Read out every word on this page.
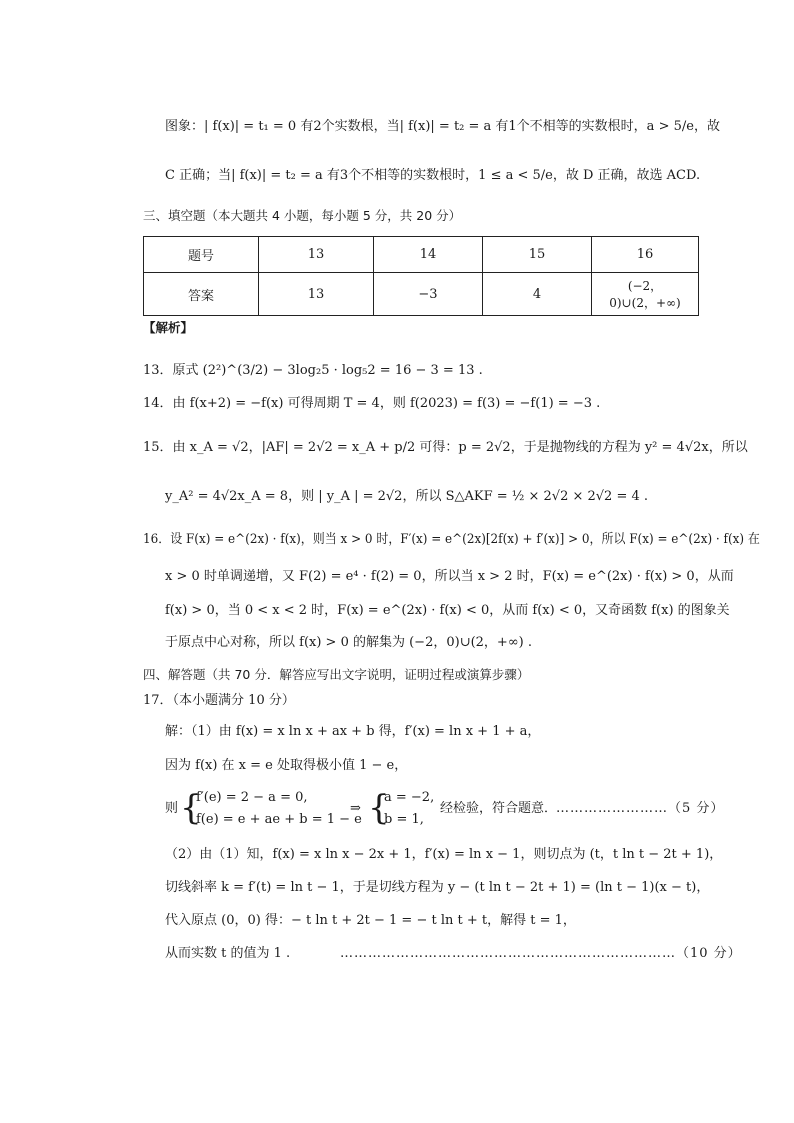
图象：| f(x)| = t₁ = 0 有2个实数根，当| f(x)| = t₂ = a 有1个不相等的实数根时，a > 5/e，故
C 正确；当| f(x)| = t₂ = a 有3个不相等的实数根时，1 ≤ a < 5/e，故 D 正确，故选 ACD.
三、填空题（本大题共 4 小题，每小题 5 分，共 20 分）
题号	13	14	15	16
答案	13	−3	4	(−2，0)∪(2，+∞)
【解析】
13．原式 (2²)^(3/2) − 3log₂5 · log₅2 = 16 − 3 = 13 .
14．由 f(x+2) = −f(x) 可得周期 T = 4，则 f(2023) = f(3) = −f(1) = −3 .
15．由 x_A = √2，|AF| = 2√2 = x_A + p/2 可得：p = 2√2，于是抛物线的方程为 y² = 4√2x，所以
y_A² = 4√2x_A = 8，则 | y_A | = 2√2，所以 S△AKF = ½ × 2√2 × 2√2 = 4 .
16．设 F(x) = e^(2x) · f(x)，则当 x > 0 时，F′(x) = e^(2x)[2f(x) + f′(x)] > 0，所以 F(x) = e^(2x) · f(x) 在
x > 0 时单调递增，又 F(2) = e⁴ · f(2) = 0，所以当 x > 2 时，F(x) = e^(2x) · f(x) > 0，从而
f(x) > 0，当 0 < x < 2 时，F(x) = e^(2x) · f(x) < 0，从而 f(x) < 0，又奇函数 f(x) 的图象关
于原点中心对称，所以 f(x) > 0 的解集为 (−2，0)∪(2，+∞) .
四、解答题（共 70 分．解答应写出文字说明，证明过程或演算步骤）
17．（本小题满分 10 分）
解：（1）由 f(x) = x ln x + ax + b 得，f′(x) = ln x + 1 + a，
因为 f(x) 在 x = e 处取得极小值 1 − e，
则 {
f′(e) = 2 − a = 0,
f(e) = e + ae + b = 1 − e
⇒ {
a = −2,
b = 1,
经检验，符合题意．
……………………（5 分）
（2）由（1）知，f(x) = x ln x − 2x + 1，f′(x) = ln x − 1，则切点为 (t，t ln t − 2t + 1)，
切线斜率 k = f′(t) = ln t − 1，于是切线方程为 y − (t ln t − 2t + 1) = (ln t − 1)(x − t)，
代入原点 (0，0) 得：− t ln t + 2t − 1 = − t ln t + t，解得 t = 1，
从而实数 t 的值为 1 .	………………………………………………………………（10 分）
